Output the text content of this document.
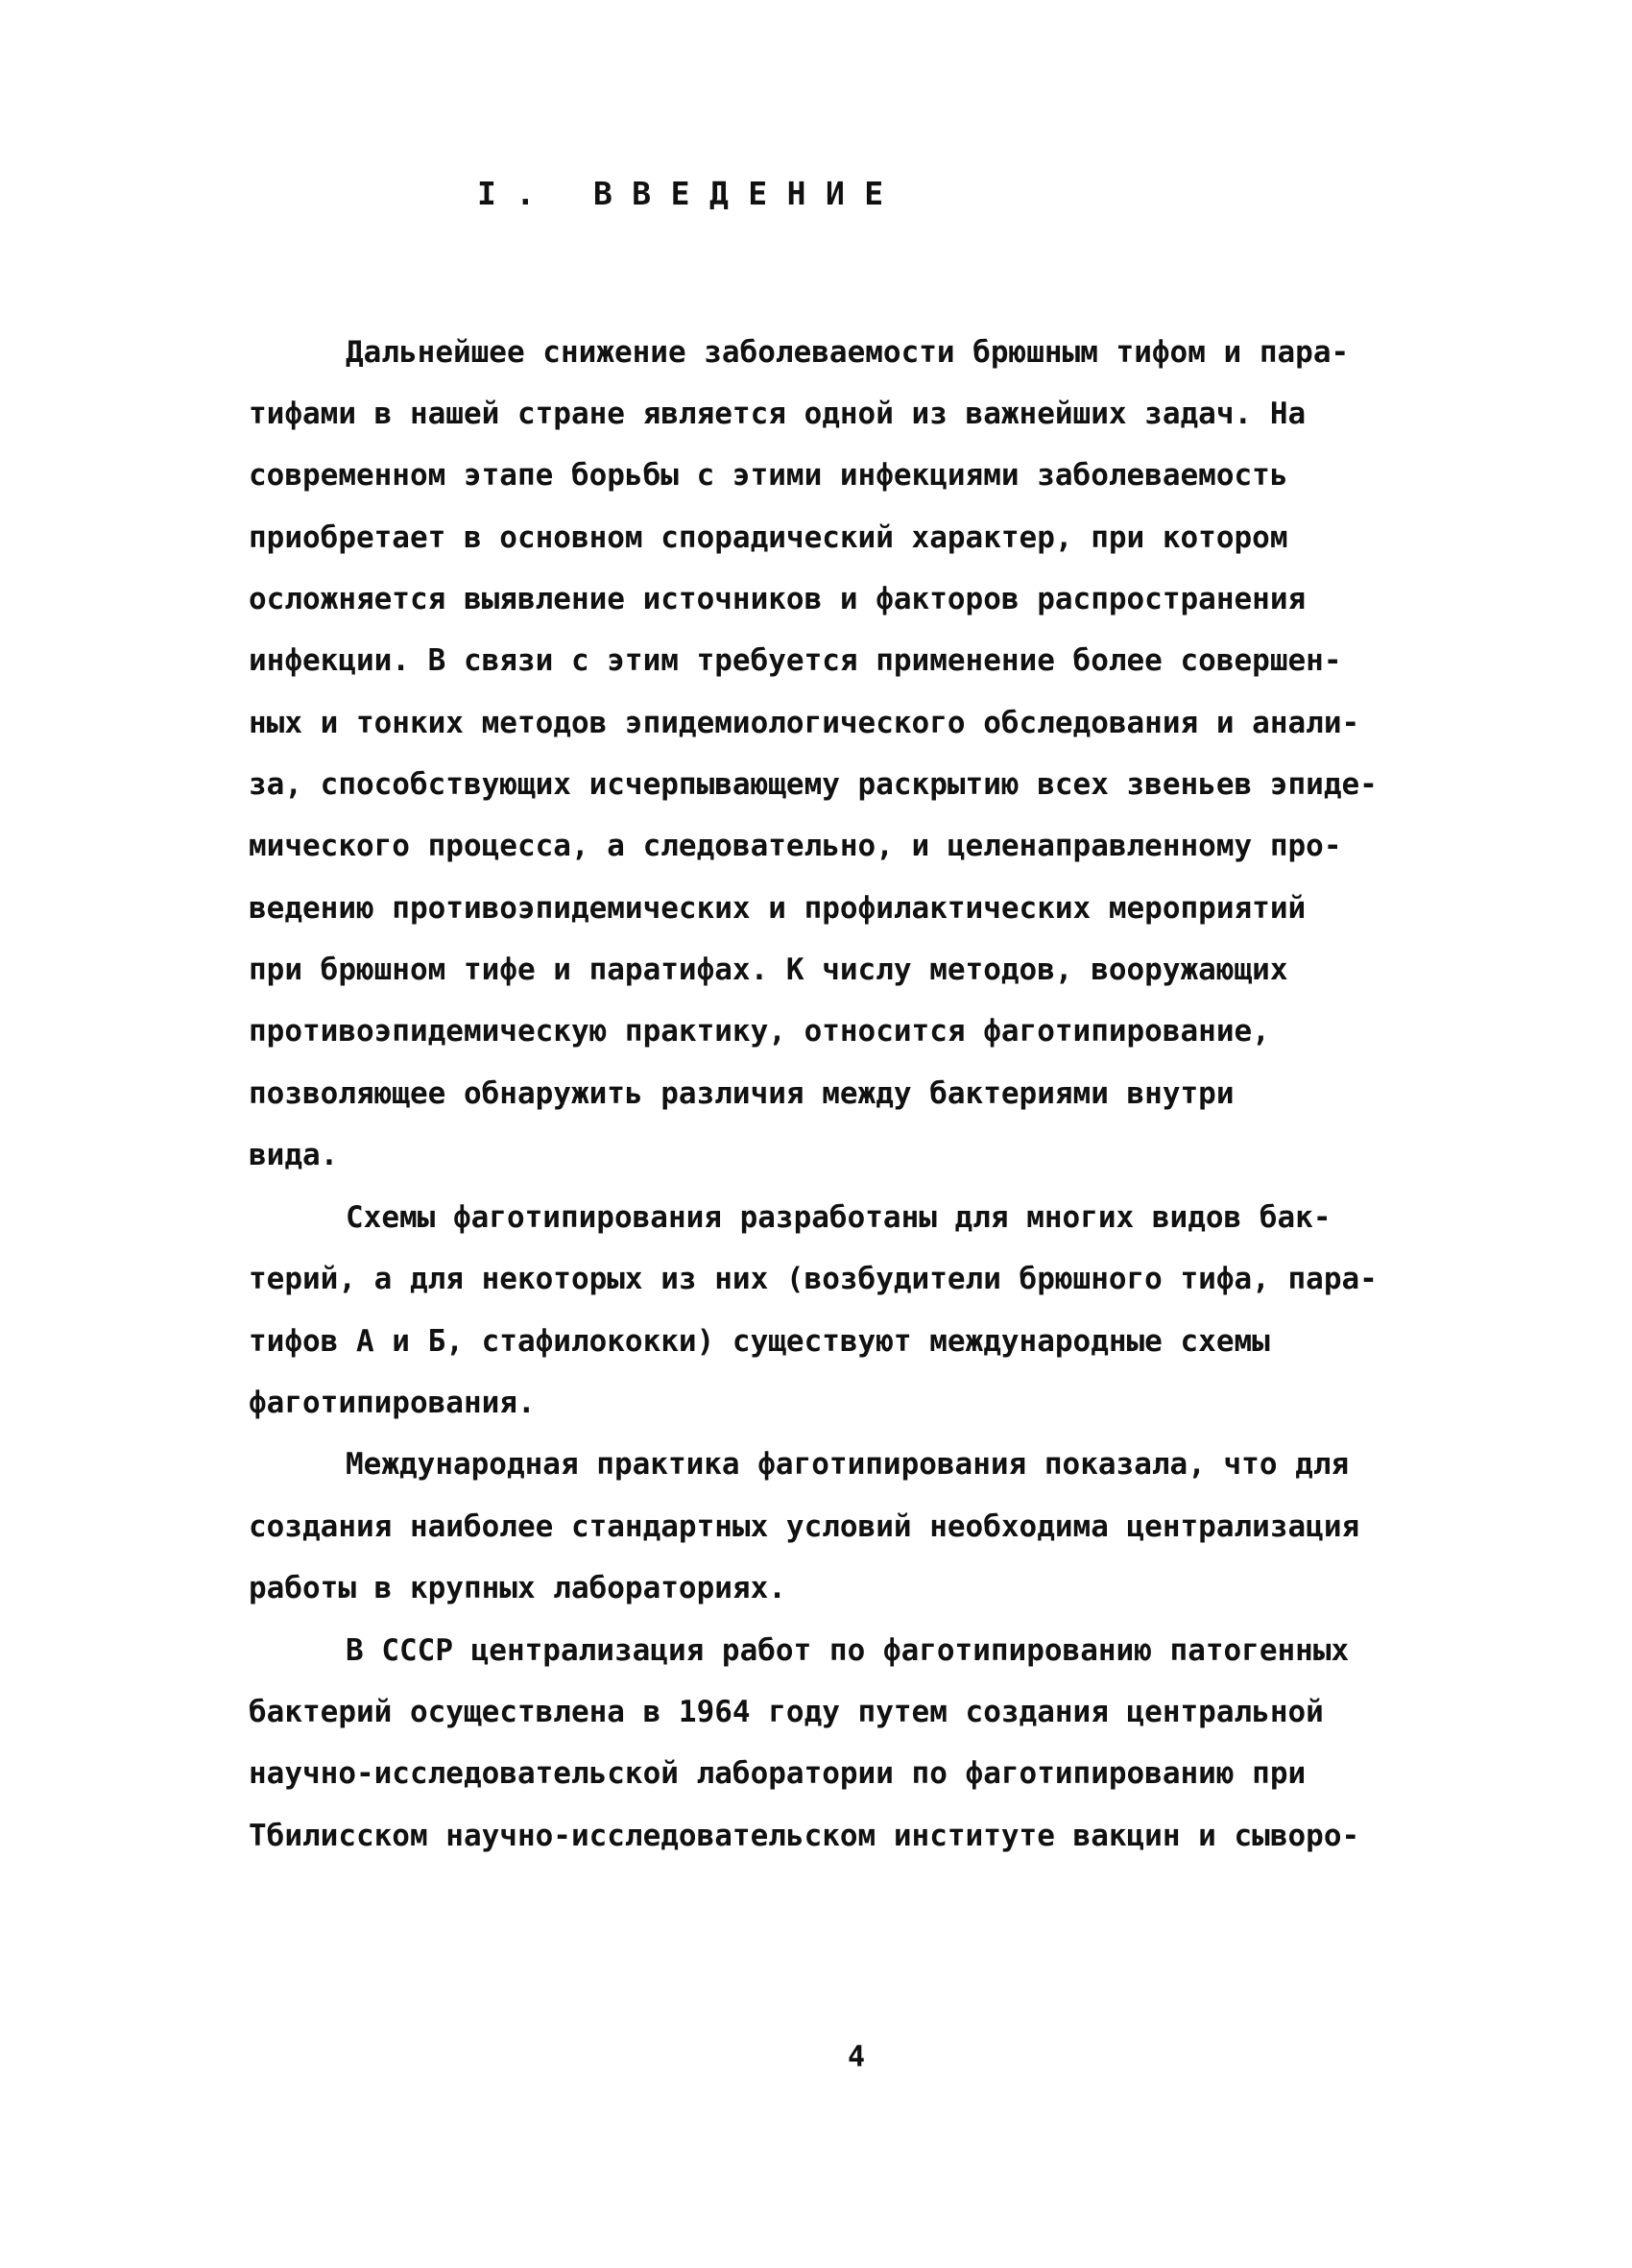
I. ВВЕДЕНИЕ
Дальнейшее снижение заболеваемости брюшным тифом и пара-
тифами в нашей стране является одной из важнейших задач. На
современном этапе борьбы с этими инфекциями заболеваемость
приобретает в основном спорадический характер, при котором
осложняется выявление источников и факторов распространения
инфекции. В связи с этим требуется применение более совершен-
ных и тонких методов эпидемиологического обследования и анали-
за, способствующих исчерпывающему раскрытию всех звеньев эпиде-
мического процесса, а следовательно, и целенаправленному про-
ведению противоэпидемических и профилактических мероприятий
при брюшном тифе и паратифах. К числу методов, вооружающих
противоэпидемическую практику, относится фаготипирование,
позволяющее обнаружить различия между бактериями внутри
вида.
Схемы фаготипирования разработаны для многих видов бак-
терий, а для некоторых из них (возбудители брюшного тифа, пара-
тифов А и Б, стафилококки) существуют международные схемы
фаготипирования.
Международная практика фаготипирования показала, что для
создания наиболее стандартных условий необходима централизация
работы в крупных лабораториях.
В СССР централизация работ по фаготипированию патогенных
бактерий осуществлена в 1964 году путем создания центральной
научно-исследовательской лаборатории по фаготипированию при
Тбилисском научно-исследовательском институте вакцин и сыворо-
4
